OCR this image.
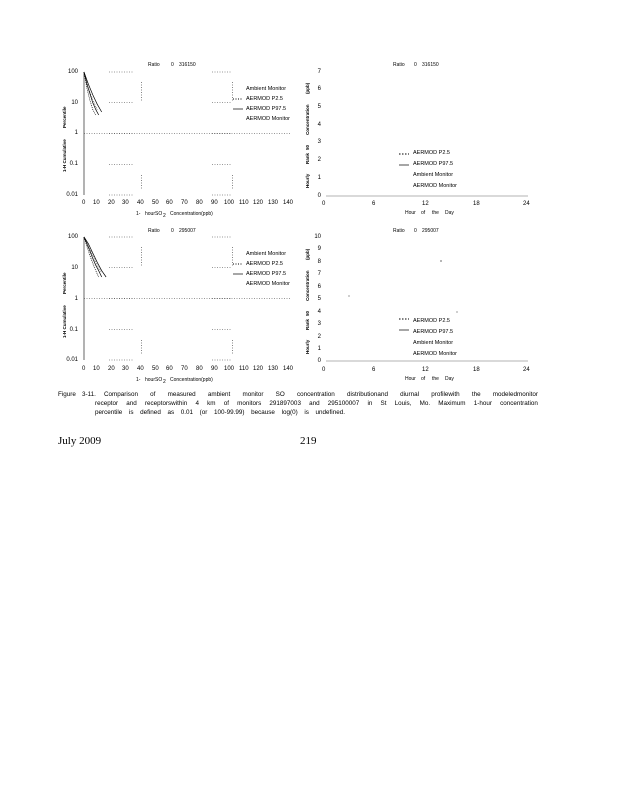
Ratio 0 316150
100
10
1
0.1
0.01
Percentile
1-H Cumulative
Ambient Monitor
AERMOD P2.5
AERMOD P97.5
AERMOD Monitor
Ratio 0 316150
7
6
5
4
3
2
1
0
(ppb)
Concentration
50
Rank
Hourly
AERMOD P2.5
AERMOD P97.5
Ambient Monitor
AERMOD Monitor
0 10 20 30 40 50 60 70 80 90 100 110 120 130 140
1- hourSO 2 Concentration(ppb)
0	6	12	18	24
Hour of the Day
Ratio 0 295007
100
10
1
0.1
0.01
Percentile
1-H Cumulative
Ambient Monitor
AERMOD P2.5
AERMOD P97.5
AERMOD Monitor
Ratio 0 295007
10
9
8
7
6
5
4
3
2
1
0
(ppb)
Concentration
50
Rank
Hourly
AERMOD P2.5
AERMOD P97.5
Ambient Monitor
AERMOD Monitor
0 10 20 30 40 50 60 70 80 90 100 110 120 130 140
1- hourSO 2 Concentration(ppb)
0	6	12	18	24
Hour of the Day
Figure 3-11.	Comparison of measured ambient monitor SO concentration distributionand diurnal profilewith the modeledmonitor
receptor and receptorswithin 4 km of monitors 291897003 and 295100007 in St Louis, Mo. Maximum 1-hour concentration
percentile is defined as 0.01 (or 100-99.99) because log(0) is undefined.
July 2009	219
